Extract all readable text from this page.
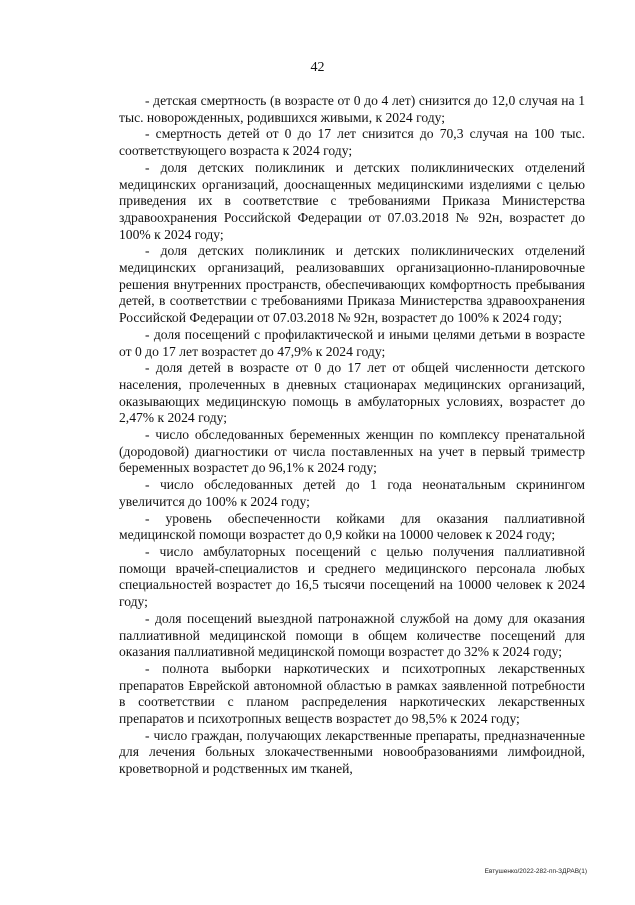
42

- детская смертность (в возрасте от 0 до 4 лет) снизится до 12,0 случая на 1 тыс. новорожденных, родившихся живыми, к 2024 году;

- смертность детей от 0 до 17 лет снизится до 70,3 случая на 100 тыс. соответствующего возраста к 2024 году;

- доля детских поликлиник и детских поликлинических отделений медицинских организаций, дооснащенных медицинскими изделиями с целью приведения их в соответствие с требованиями Приказа Министерства здравоохранения Российской Федерации от 07.03.2018 № 92н, возрастет до 100% к 2024 году;

- доля детских поликлиник и детских поликлинических отделений медицинских организаций, реализовавших организационно-планировочные решения внутренних пространств, обеспечивающих комфортность пребывания детей, в соответствии с требованиями Приказа Министерства здравоохранения Российской Федерации от 07.03.2018 № 92н, возрастет до 100% к 2024 году;

- доля посещений с профилактической и иными целями детьми в возрасте от 0 до 17 лет возрастет до 47,9% к 2024 году;

- доля детей в возрасте от 0 до 17 лет от общей численности детского населения, пролеченных в дневных стационарах медицинских организаций, оказывающих медицинскую помощь в амбулаторных условиях, возрастет до 2,47% к 2024 году;

- число обследованных беременных женщин по комплексу пренатальной (дородовой) диагностики от числа поставленных на учет в первый триместр беременных возрастет до 96,1% к 2024 году;

- число обследованных детей до 1 года неонатальным скринингом увеличится до 100% к 2024 году;

- уровень обеспеченности койками для оказания паллиативной медицинской помощи возрастет до 0,9 койки на 10000 человек к 2024 году;

- число амбулаторных посещений с целью получения паллиативной помощи врачей-специалистов и среднего медицинского персонала любых специальностей возрастет до 16,5 тысячи посещений на 10000 человек к 2024 году;

- доля посещений выездной патронажной службой на дому для оказания паллиативной медицинской помощи в общем количестве посещений для оказания паллиативной медицинской помощи возрастет до 32% к 2024 году;

- полнота выборки наркотических и психотропных лекарственных препаратов Еврейской автономной областью в рамках заявленной потребности в соответствии с планом распределения наркотических лекарственных препаратов и психотропных веществ возрастет до 98,5% к 2024 году;

- число граждан, получающих лекарственные препараты, предназначенные для лечения больных злокачественными новообразованиями лимфоидной, кроветворной и родственных им тканей,

Евтушенко/2022-282-пп-ЗДРАВ(1)
